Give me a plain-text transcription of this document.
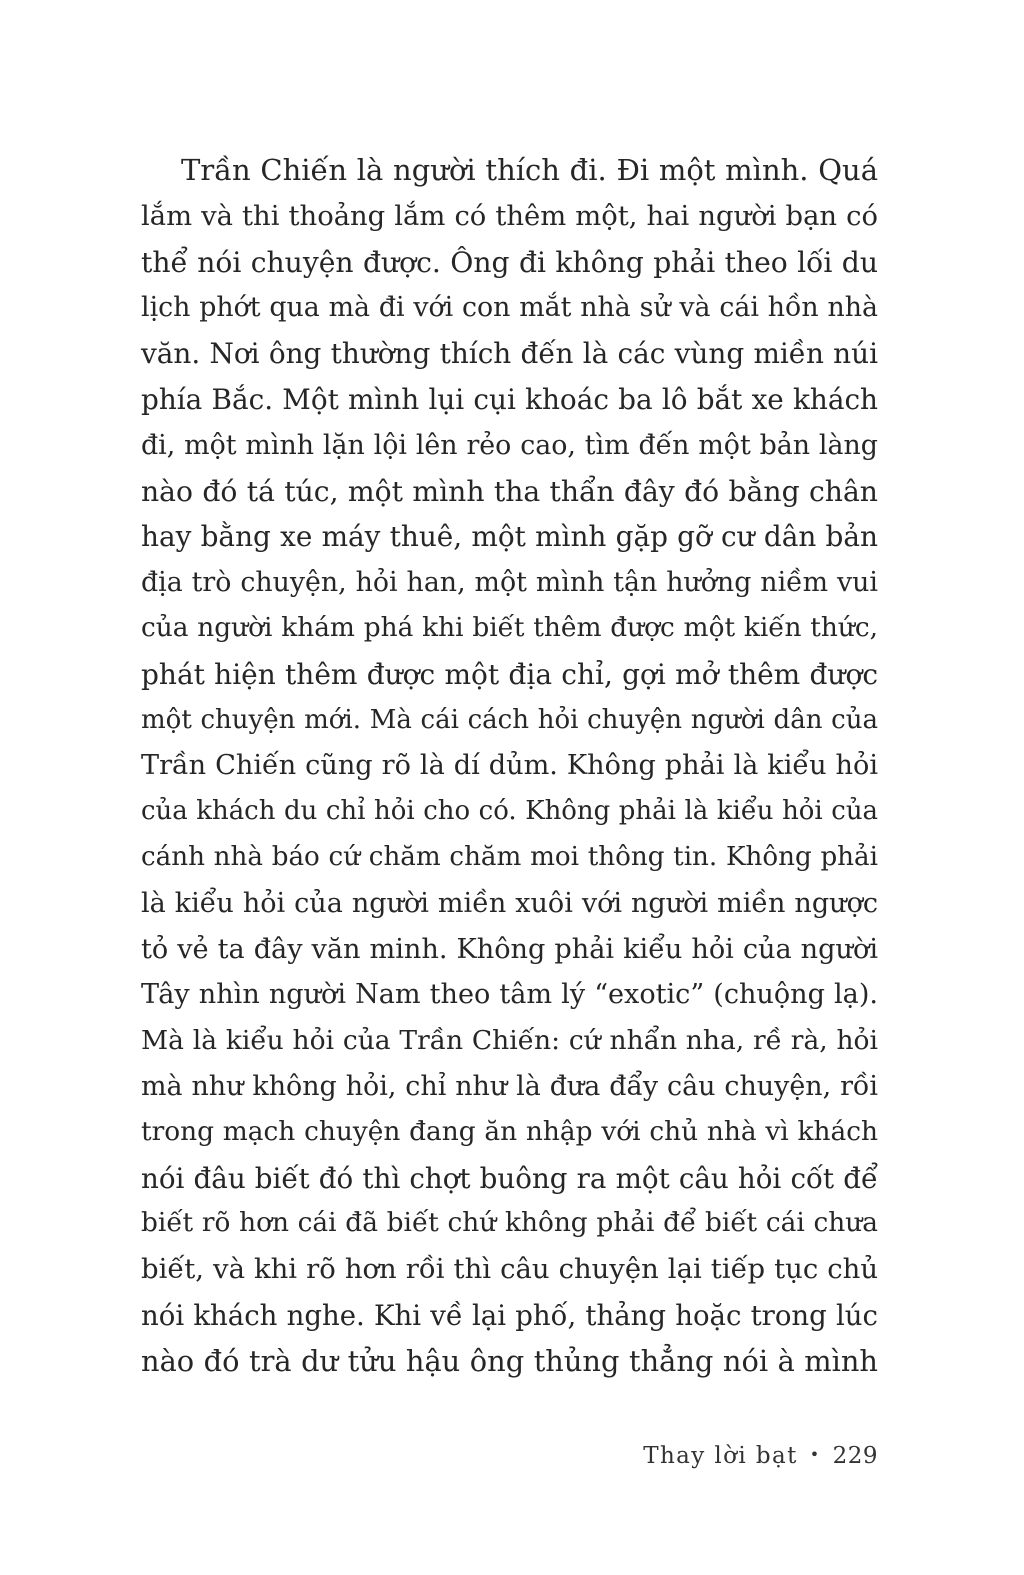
Trần Chiến là người thích đi. Đi một mình. Quá
lắm và thi thoảng lắm có thêm một, hai người bạn có
thể nói chuyện được. Ông đi không phải theo lối du
lịch phớt qua mà đi với con mắt nhà sử và cái hồn nhà
văn. Nơi ông thường thích đến là các vùng miền núi
phía Bắc. Một mình lụi cụi khoác ba lô bắt xe khách
đi, một mình lặn lội lên rẻo cao, tìm đến một bản làng
nào đó tá túc, một mình tha thẩn đây đó bằng chân
hay bằng xe máy thuê, một mình gặp gỡ cư dân bản
địa trò chuyện, hỏi han, một mình tận hưởng niềm vui
của người khám phá khi biết thêm được một kiến thức,
phát hiện thêm được một địa chỉ, gợi mở thêm được
một chuyện mới. Mà cái cách hỏi chuyện người dân của
Trần Chiến cũng rõ là dí dủm. Không phải là kiểu hỏi
của khách du chỉ hỏi cho có. Không phải là kiểu hỏi của
cánh nhà báo cứ chăm chăm moi thông tin. Không phải
là kiểu hỏi của người miền xuôi với người miền ngược
tỏ vẻ ta đây văn minh. Không phải kiểu hỏi của người
Tây nhìn người Nam theo tâm lý “exotic” (chuộng lạ).
Mà là kiểu hỏi của Trần Chiến: cứ nhẩn nha, rề rà, hỏi
mà như không hỏi, chỉ như là đưa đẩy câu chuyện, rồi
trong mạch chuyện đang ăn nhập với chủ nhà vì khách
nói đâu biết đó thì chợt buông ra một câu hỏi cốt để
biết rõ hơn cái đã biết chứ không phải để biết cái chưa
biết, và khi rõ hơn rồi thì câu chuyện lại tiếp tục chủ
nói khách nghe. Khi về lại phố, thảng hoặc trong lúc
nào đó trà dư tửu hậu ông thủng thẳng nói à mình
Thay lời bạt • 229
